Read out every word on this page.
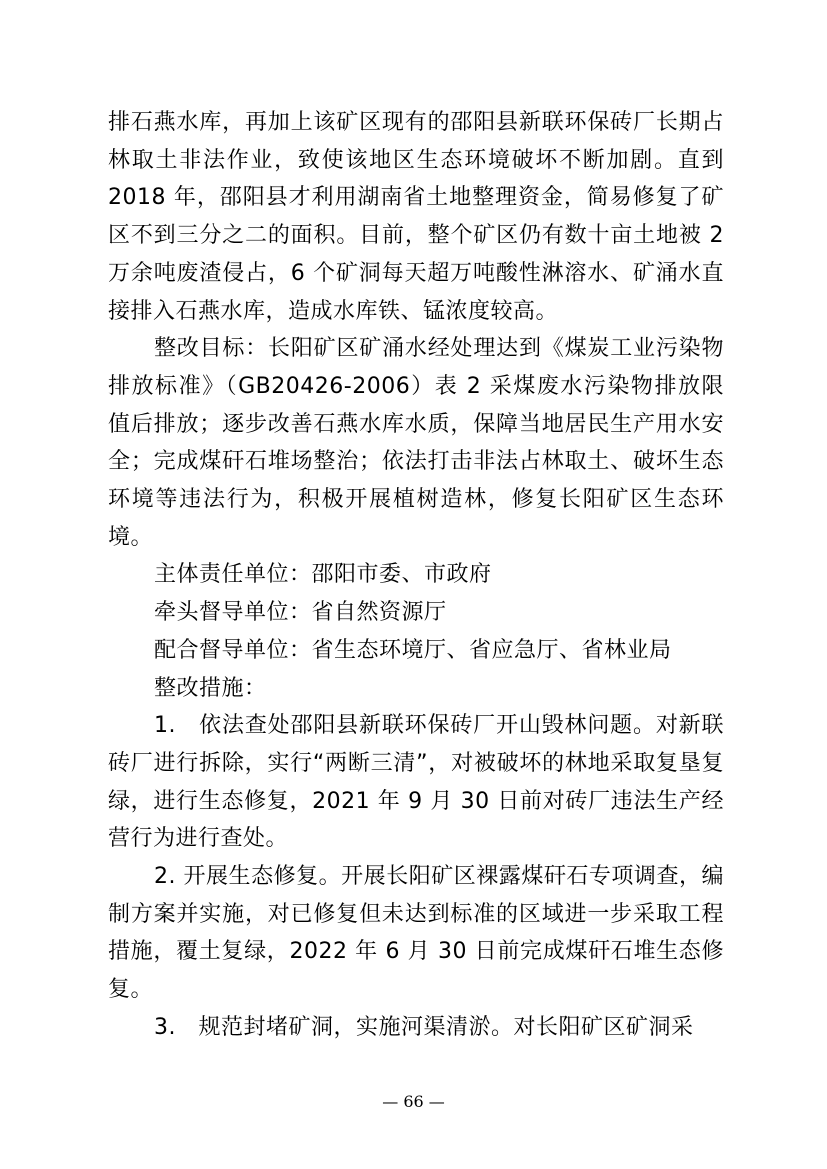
排石燕水库，再加上该矿区现有的邵阳县新联环保砖厂长期占林取土非法作业，致使该地区生态环境破坏不断加剧。直到 2018 年，邵阳县才利用湖南省土地整理资金，简易修复了矿区不到三分之二的面积。目前，整个矿区仍有数十亩土地被 2 万余吨废渣侵占，6 个矿洞每天超万吨酸性淋溶水、矿涌水直接排入石燕水库，造成水库铁、锰浓度较高。

整改目标：长阳矿区矿涌水经处理达到《煤炭工业污染物排放标准》（GB20426-2006）表 2 采煤废水污染物排放限值后排放；逐步改善石燕水库水质，保障当地居民生产用水安全；完成煤矸石堆场整治；依法打击非法占林取土、破坏生态环境等违法行为，积极开展植树造林，修复长阳矿区生态环境。

主体责任单位：邵阳市委、市政府

牵头督导单位：省自然资源厅

配合督导单位：省生态环境厅、省应急厅、省林业局

整改措施：

1.　依法查处邵阳县新联环保砖厂开山毁林问题。对新联砖厂进行拆除，实行“两断三清”，对被破坏的林地采取复垦复绿，进行生态修复，2021 年 9 月 30 日前对砖厂违法生产经营行为进行查处。

2. 开展生态修复。开展长阳矿区裸露煤矸石专项调查，编制方案并实施，对已修复但未达到标准的区域进一步采取工程措施，覆土复绿，2022 年 6 月 30 日前完成煤矸石堆生态修复。

3.　规范封堵矿洞，实施河渠清淤。对长阳矿区矿洞采

— 66 —
